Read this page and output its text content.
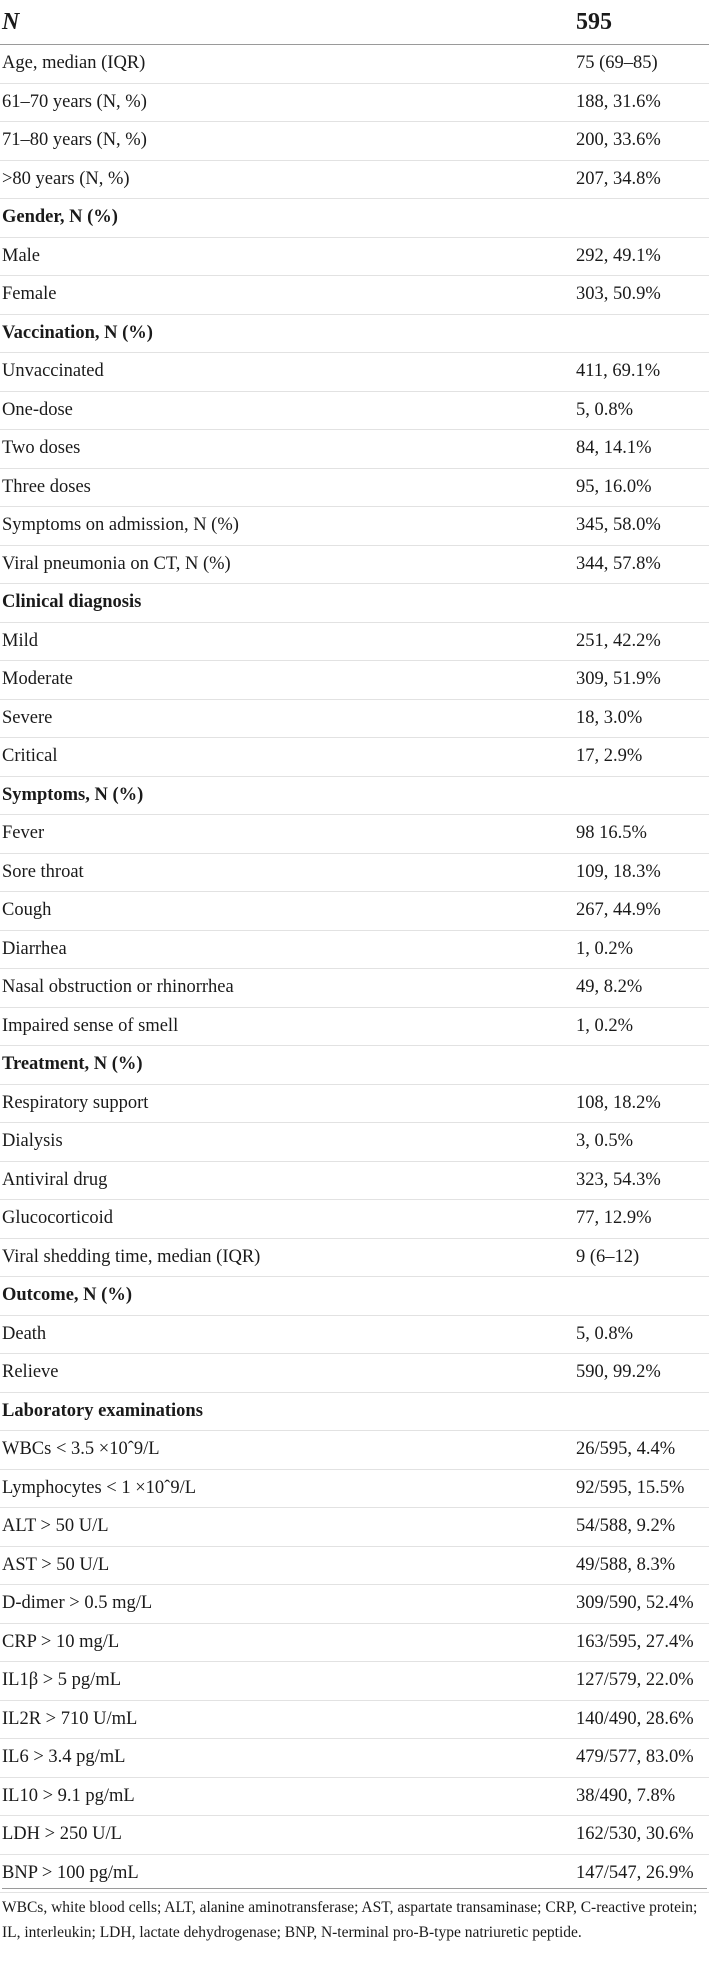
N	595
Age, median (IQR)	75 (69–85)
61–70 years (N, %)	188, 31.6%
71–80 years (N, %)	200, 33.6%
>80 years (N, %)	207, 34.8%
Gender, N (%)
Male	292, 49.1%
Female	303, 50.9%
Vaccination, N (%)
Unvaccinated	411, 69.1%
One-dose	5, 0.8%
Two doses	84, 14.1%
Three doses	95, 16.0%
Symptoms on admission, N (%)	345, 58.0%
Viral pneumonia on CT, N (%)	344, 57.8%
Clinical diagnosis
Mild	251, 42.2%
Moderate	309, 51.9%
Severe	18, 3.0%
Critical	17, 2.9%
Symptoms, N (%)
Fever	98 16.5%
Sore throat	109, 18.3%
Cough	267, 44.9%
Diarrhea	1, 0.2%
Nasal obstruction or rhinorrhea	49, 8.2%
Impaired sense of smell	1, 0.2%
Treatment, N (%)
Respiratory support	108, 18.2%
Dialysis	3, 0.5%
Antiviral drug	323, 54.3%
Glucocorticoid	77, 12.9%
Viral shedding time, median (IQR)	9 (6–12)
Outcome, N (%)
Death	5, 0.8%
Relieve	590, 99.2%
Laboratory examinations
WBCs < 3.5 ×10ˆ9/L	26/595, 4.4%
Lymphocytes < 1 ×10ˆ9/L	92/595, 15.5%
ALT > 50 U/L	54/588, 9.2%
AST > 50 U/L	49/588, 8.3%
D-dimer > 0.5 mg/L	309/590, 52.4%
CRP > 10 mg/L	163/595, 27.4%
IL1β > 5 pg/mL	127/579, 22.0%
IL2R > 710 U/mL	140/490, 28.6%
IL6 > 3.4 pg/mL	479/577, 83.0%
IL10 > 9.1 pg/mL	38/490, 7.8%
LDH > 250 U/L	162/530, 30.6%
BNP > 100 pg/mL	147/547, 26.9%
WBCs, white blood cells; ALT, alanine aminotransferase; AST, aspartate transaminase; CRP, C-reactive protein; IL, interleukin; LDH, lactate dehydrogenase; BNP, N-terminal pro-B-type natriuretic peptide.
